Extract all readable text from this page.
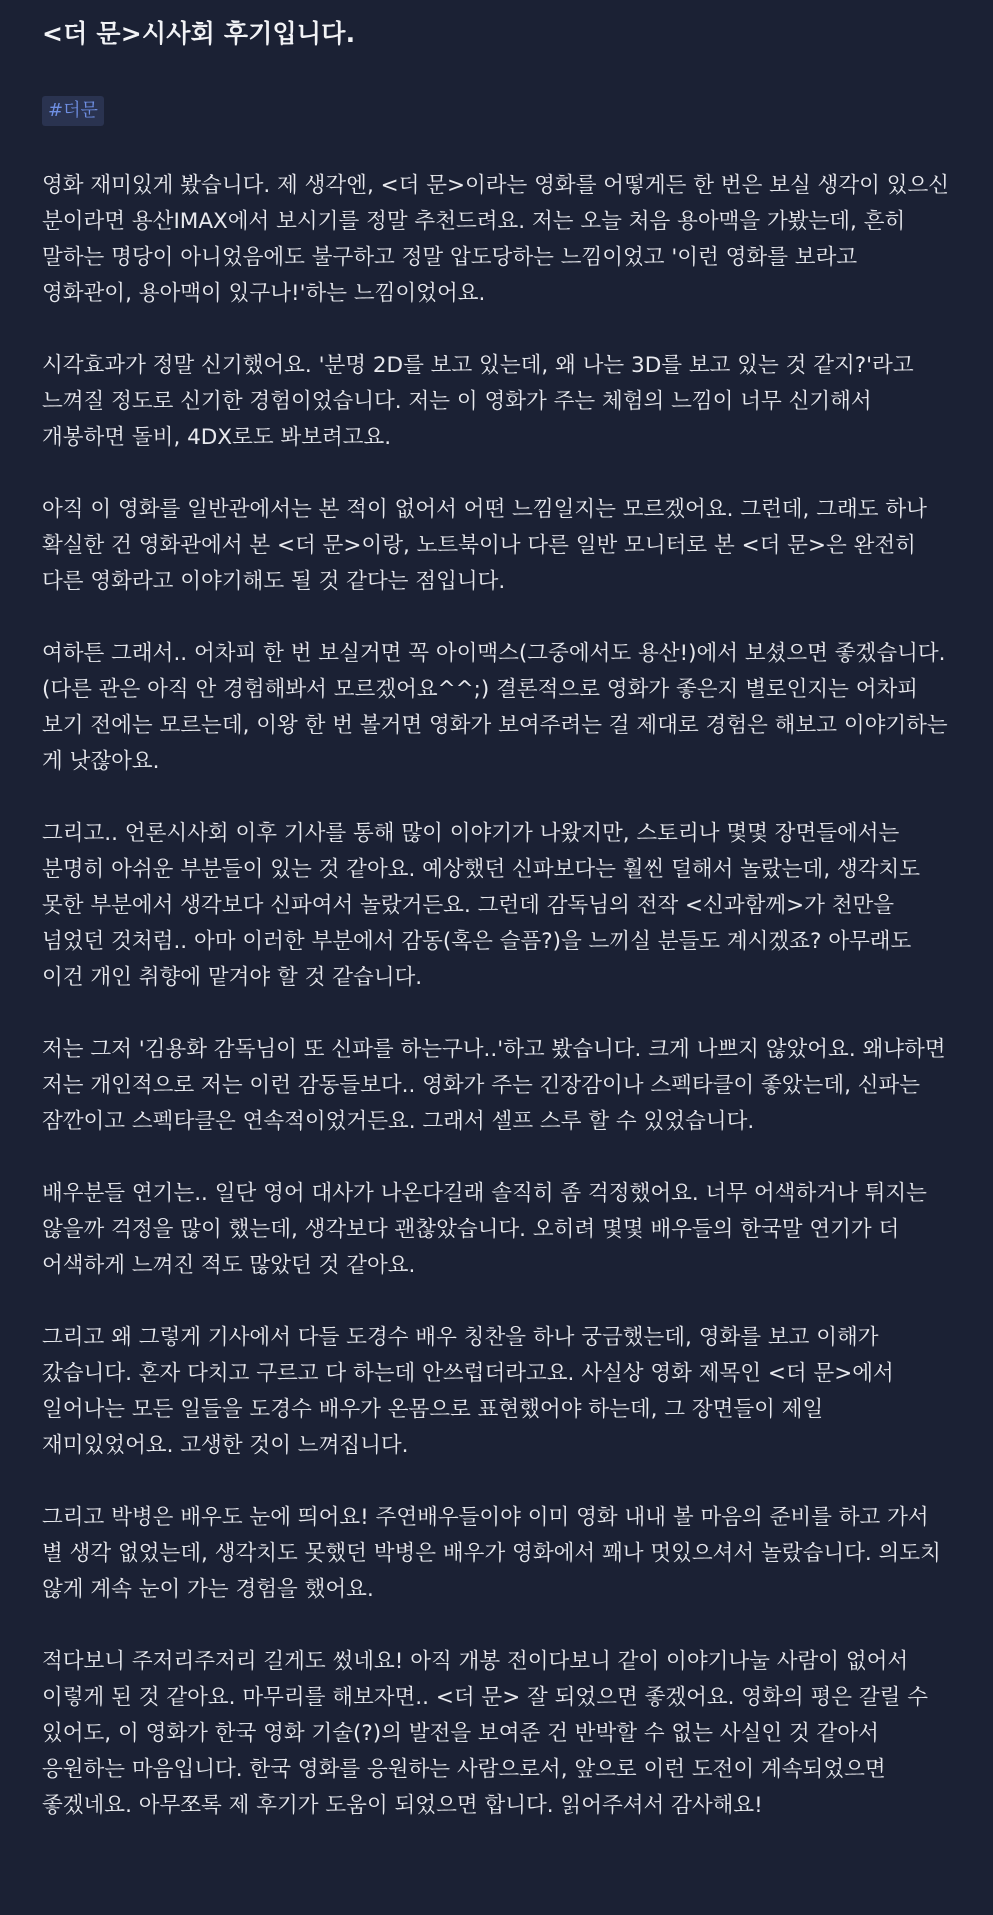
<더 문>시사회 후기입니다.
#더문

영화 재미있게 봤습니다. 제 생각엔, <더 문>이라는 영화를 어떻게든 한 번은 보실 생각이 있으신 분이라면 용산IMAX에서 보시기를 정말 추천드려요. 저는 오늘 처음 용아맥을 가봤는데, 흔히 말하는 명당이 아니었음에도 불구하고 정말 압도당하는 느낌이었고 '이런 영화를 보라고 영화관이, 용아맥이 있구나!'하는 느낌이었어요.

시각효과가 정말 신기했어요. '분명 2D를 보고 있는데, 왜 나는 3D를 보고 있는 것 같지?'라고 느껴질 정도로 신기한 경험이었습니다. 저는 이 영화가 주는 체험의 느낌이 너무 신기해서 개봉하면 돌비, 4DX로도 봐보려고요.

아직 이 영화를 일반관에서는 본 적이 없어서 어떤 느낌일지는 모르겠어요. 그런데, 그래도 하나 확실한 건 영화관에서 본 <더 문>이랑, 노트북이나 다른 일반 모니터로 본 <더 문>은 완전히 다른 영화라고 이야기해도 될 것 같다는 점입니다.

여하튼 그래서.. 어차피 한 번 보실거면 꼭 아이맥스(그중에서도 용산!)에서 보셨으면 좋겠습니다. (다른 관은 아직 안 경험해봐서 모르겠어요^^;) 결론적으로 영화가 좋은지 별로인지는 어차피 보기 전에는 모르는데, 이왕 한 번 볼거면 영화가 보여주려는 걸 제대로 경험은 해보고 이야기하는 게 낫잖아요.

그리고.. 언론시사회 이후 기사를 통해 많이 이야기가 나왔지만, 스토리나 몇몇 장면들에서는 분명히 아쉬운 부분들이 있는 것 같아요. 예상했던 신파보다는 훨씬 덜해서 놀랐는데, 생각치도 못한 부분에서 생각보다 신파여서 놀랐거든요. 그런데 감독님의 전작 <신과함께>가 천만을 넘었던 것처럼.. 아마 이러한 부분에서 감동(혹은 슬픔?)을 느끼실 분들도 계시겠죠? 아무래도 이건 개인 취향에 맡겨야 할 것 같습니다.

저는 그저 '김용화 감독님이 또 신파를 하는구나..'하고 봤습니다. 크게 나쁘지 않았어요. 왜냐하면 저는 개인적으로 저는 이런 감동들보다.. 영화가 주는 긴장감이나 스펙타클이 좋았는데, 신파는 잠깐이고 스펙타클은 연속적이었거든요. 그래서 셀프 스루 할 수 있었습니다.

배우분들 연기는.. 일단 영어 대사가 나온다길래 솔직히 좀 걱정했어요. 너무 어색하거나 튀지는 않을까 걱정을 많이 했는데, 생각보다 괜찮았습니다. 오히려 몇몇 배우들의 한국말 연기가 더 어색하게 느껴진 적도 많았던 것 같아요.

그리고 왜 그렇게 기사에서 다들 도경수 배우 칭찬을 하나 궁금했는데, 영화를 보고 이해가 갔습니다. 혼자 다치고 구르고 다 하는데 안쓰럽더라고요. 사실상 영화 제목인 <더 문>에서 일어나는 모든 일들을 도경수 배우가 온몸으로 표현했어야 하는데, 그 장면들이 제일 재미있었어요. 고생한 것이 느껴집니다.

그리고 박병은 배우도 눈에 띄어요! 주연배우들이야 이미 영화 내내 볼 마음의 준비를 하고 가서 별 생각 없었는데, 생각치도 못했던 박병은 배우가 영화에서 꽤나 멋있으셔서 놀랐습니다. 의도치 않게 계속 눈이 가는 경험을 했어요.

적다보니 주저리주저리 길게도 썼네요! 아직 개봉 전이다보니 같이 이야기나눌 사람이 없어서 이렇게 된 것 같아요. 마무리를 해보자면.. <더 문> 잘 되었으면 좋겠어요. 영화의 평은 갈릴 수 있어도, 이 영화가 한국 영화 기술(?)의 발전을 보여준 건 반박할 수 없는 사실인 것 같아서 응원하는 마음입니다. 한국 영화를 응원하는 사람으로서, 앞으로 이런 도전이 계속되었으면 좋겠네요. 아무쪼록 제 후기가 도움이 되었으면 합니다. 읽어주셔서 감사해요!
